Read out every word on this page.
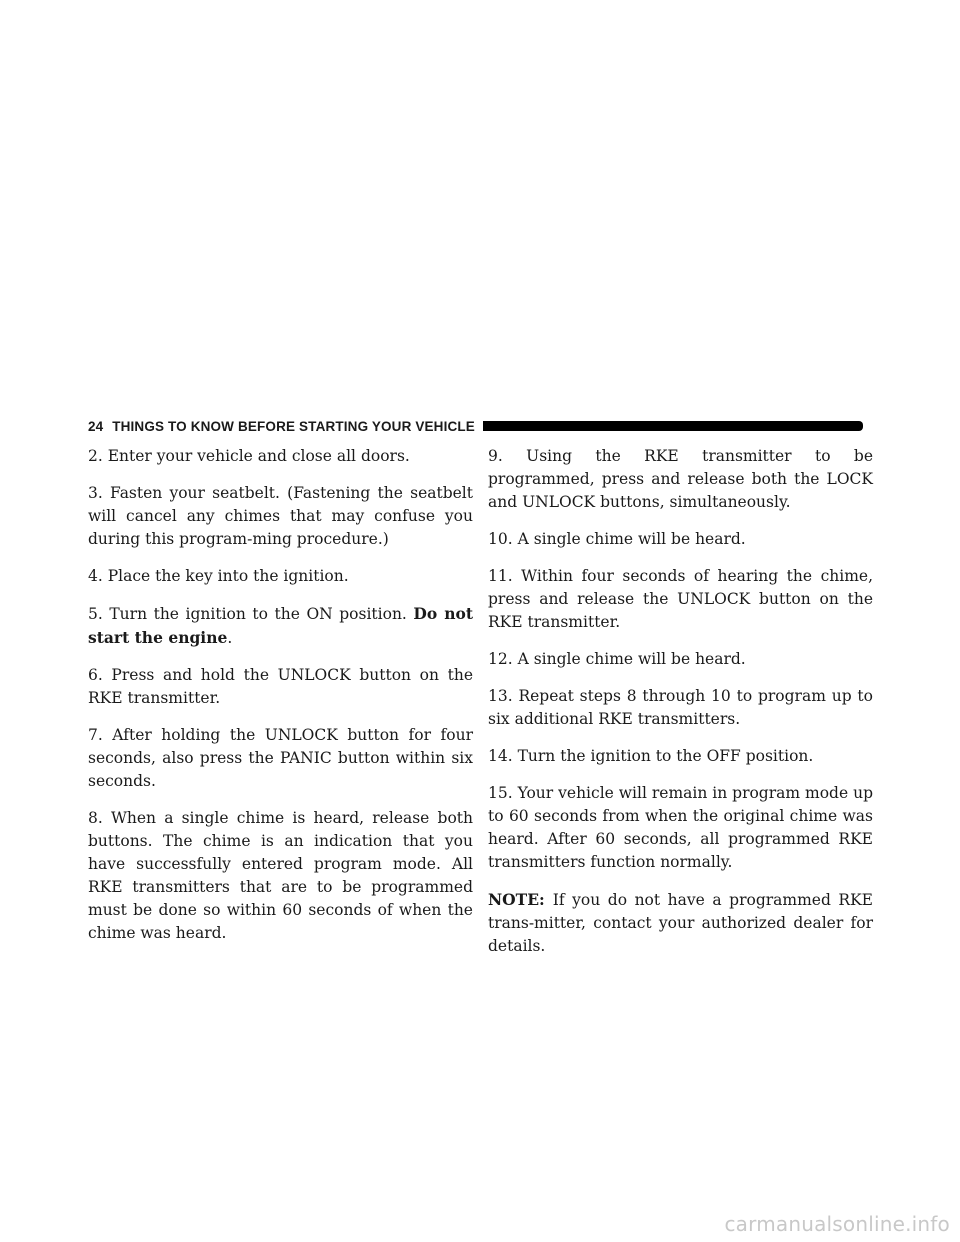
24 THINGS TO KNOW BEFORE STARTING YOUR VEHICLE

2. Enter your vehicle and close all doors.

3. Fasten your seatbelt. (Fastening the seatbelt will cancel any chimes that may confuse you during this program-ming procedure.)

4. Place the key into the ignition.

5. Turn the ignition to the ON position. Do not start the engine.

6. Press and hold the UNLOCK button on the RKE transmitter.

7. After holding the UNLOCK button for four seconds, also press the PANIC button within six seconds.

8. When a single chime is heard, release both buttons. The chime is an indication that you have successfully entered program mode. All RKE transmitters that are to be programmed must be done so within 60 seconds of when the chime was heard.

9. Using the RKE transmitter to be programmed, press and release both the LOCK and UNLOCK buttons, simultaneously.

10. A single chime will be heard.

11. Within four seconds of hearing the chime, press and release the UNLOCK button on the RKE transmitter.

12. A single chime will be heard.

13. Repeat steps 8 through 10 to program up to six additional RKE transmitters.

14. Turn the ignition to the OFF position.

15. Your vehicle will remain in program mode up to 60 seconds from when the original chime was heard. After 60 seconds, all programmed RKE transmitters function normally.

NOTE: If you do not have a programmed RKE trans-mitter, contact your authorized dealer for details.

carmanualsonline.info
